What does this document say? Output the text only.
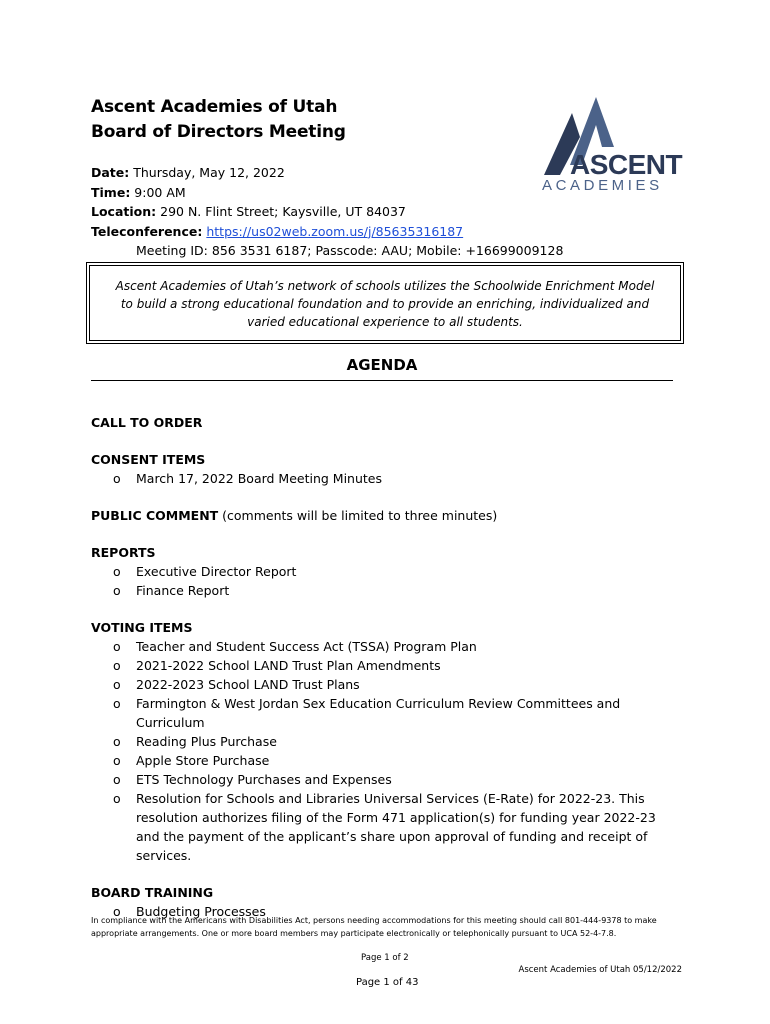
Ascent Academies of Utah
Board of Directors Meeting
ASCENT
ACADEMIES
Date: Thursday, May 12, 2022
Time: 9:00 AM
Location: 290 N. Flint Street; Kaysville, UT 84037
Teleconference: https://us02web.zoom.us/j/85635316187
Meeting ID: 856 3531 6187; Passcode: AAU; Mobile: +16699009128
Ascent Academies of Utah’s network of schools utilizes the Schoolwide Enrichment Model to build a strong educational foundation and to provide an enriching, individualized and varied educational experience to all students.
AGENDA
CALL TO ORDER
CONSENT ITEMS
o March 17, 2022 Board Meeting Minutes
PUBLIC COMMENT (comments will be limited to three minutes)
REPORTS
o Executive Director Report
o Finance Report
VOTING ITEMS
o Teacher and Student Success Act (TSSA) Program Plan
o 2021-2022 School LAND Trust Plan Amendments
o 2022-2023 School LAND Trust Plans
o Farmington & West Jordan Sex Education Curriculum Review Committees and Curriculum
o Reading Plus Purchase
o Apple Store Purchase
o ETS Technology Purchases and Expenses
o Resolution for Schools and Libraries Universal Services (E-Rate) for 2022-23. This resolution authorizes filing of the Form 471 application(s) for funding year 2022-23 and the payment of the applicant’s share upon approval of funding and receipt of services.
BOARD TRAINING
o Budgeting Processes
In compliance with the Americans with Disabilities Act, persons needing accommodations for this meeting should call 801-444-9378 to make appropriate arrangements. One or more board members may participate electronically or telephonically pursuant to UCA 52-4-7.8.
Page 1 of 2
Ascent Academies of Utah 05/12/2022
Page 1 of 43
